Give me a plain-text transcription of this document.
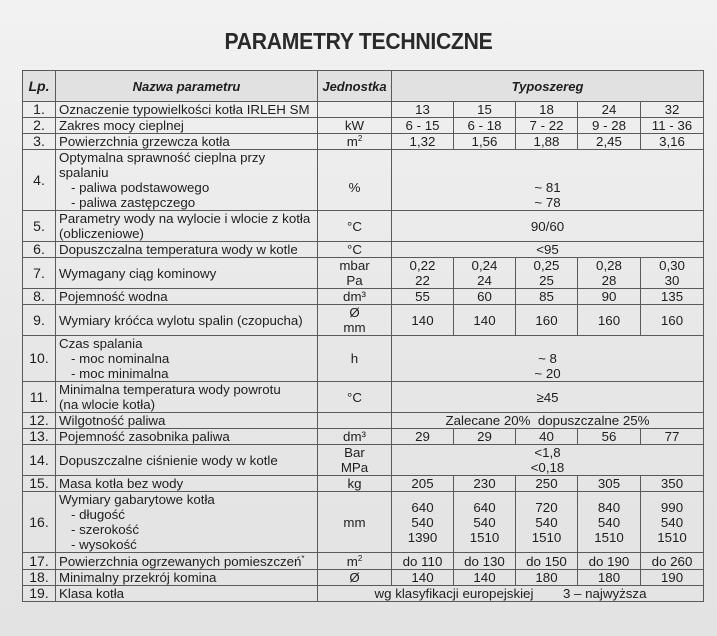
PARAMETRY TECHNICZNE
Lp.	Nazwa parametru	Jednostka	Typoszereg				
1.	Oznaczenie typowielkości kotła IRLEH SM		13	15	18	24	32
2.	Zakres mocy cieplnej	kW	6 - 15	6 - 18	7 - 22	9 - 28	11 - 36
3.	Powierzchnia grzewcza kotła	$m^2$	1,32	1,56	1,88	2,45	3,16
4.	Optymalna sprawność cieplna przy
spalaniu
- paliwa podstawowego
- paliwa zastępczego	%	~ 81
~ 78				

5.	Parametry wody na wylocie i wlocie z kotła
(obliczeniowe)	°C	90/60				
6.	Dopuszczalna temperatura wody w kotle	°C	<95				
7.	Wymagany ciąg kominowy	mbar
Pa	0,22
22	0,24
24	0,25
25	0,28
28	0,30
30

8.	Pojemność wodna	dm³	55	60	85	90	135
9.	Wymiary króćca wylotu spalin (czopucha)	Ø
mm	140	140	160	160	160
10.	Czas spalania
- moc nominalna
- moc minimalna	h	~ 8
~ 20				

11.	Minimalna temperatura wody powrotu
(na wlocie kotła)	°C	≥45				
12.	Wilgotność paliwa		Zalecane 20%  dopuszczalne 25%				
13.	Pojemność zasobnika paliwa	dm³	29	29	40	56	77
14.	Dopuszczalne ciśnienie wody w kotle	Bar
MPa	<1,8
<0,18				

15.	Masa kotła bez wody	kg	205	230	250	305	350
16.	Wymiary gabarytowe kotła
- długość
- szerokość
- wysokość	mm	640
540
1390	640
540
1510	720
540
1510	840
540
1510	990
540
1510

17.	Powierzchnia ogrzewanych pomieszczeń*	$m^2$	do 110	do 130	do 150	do 190	do 260
18.	Minimalny przekrój komina	Ø	140	140	180	180	190
19.	Klasa kotła	wg klasyfikacji europejskiej        3 – najwyższa					
